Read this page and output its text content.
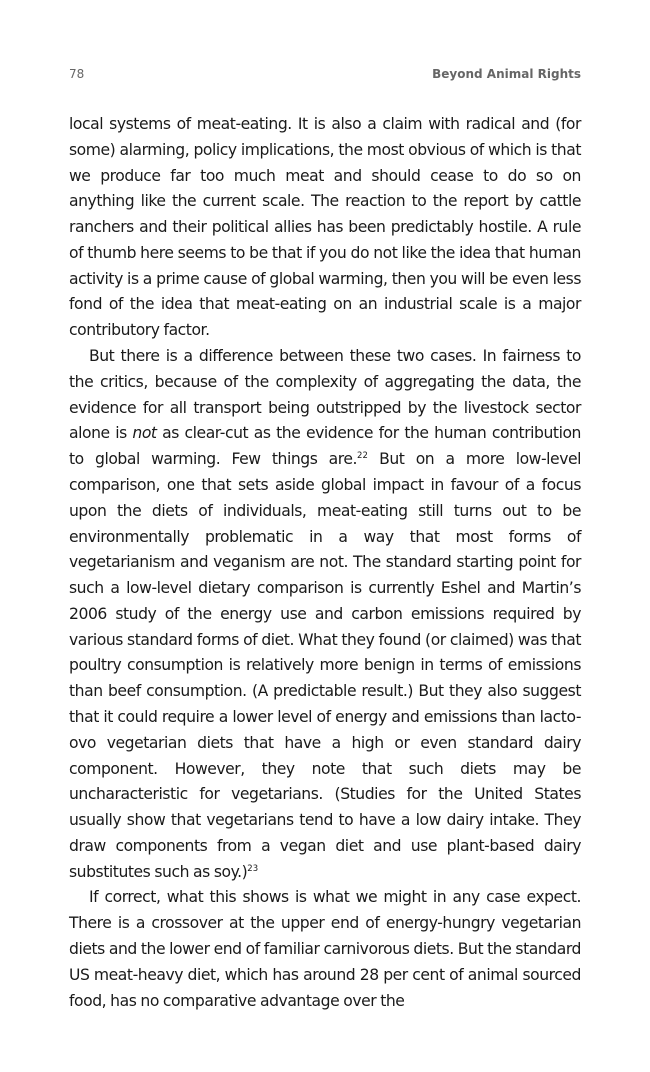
78	Beyond Animal Rights

local systems of meat-eating. It is also a claim with radical and (for some) alarming, policy implications, the most obvious of which is that we produce far too much meat and should cease to do so on anything like the current scale. The reaction to the report by cattle ranchers and their political allies has been predictably hostile. A rule of thumb here seems to be that if you do not like the idea that human activity is a prime cause of global warming, then you will be even less fond of the idea that meat-eating on an industrial scale is a major contributory factor.

But there is a difference between these two cases. In fairness to the critics, because of the complexity of aggregating the data, the evidence for all transport being outstripped by the livestock sector alone is not as clear-cut as the evidence for the human contribution to global warming. Few things are.$^{22}$ But on a more low-level comparison, one that sets aside global impact in favour of a focus upon the diets of individuals, meat-eating still turns out to be environmentally problematic in a way that most forms of vegetarianism and veganism are not. The standard starting point for such a low-level dietary comparison is currently Eshel and Martin’s 2006 study of the energy use and carbon emissions required by various standard forms of diet. What they found (or claimed) was that poultry consumption is relatively more benign in terms of emissions than beef consumption. (A predictable result.) But they also suggest that it could require a lower level of energy and emissions than lacto-ovo vegetarian diets that have a high or even standard dairy component. However, they note that such diets may be uncharacteristic for vegetarians. (Studies for the United States usually show that vegetarians tend to have a low dairy intake. They draw components from a vegan diet and use plant-based dairy substitutes such as soy.)$^{23}$

If correct, what this shows is what we might in any case expect. There is a crossover at the upper end of energy-hungry vegetarian diets and the lower end of familiar carnivorous diets. But the standard US meat-heavy diet, which has around 28 per cent of animal sourced food, has no comparative advantage over the
